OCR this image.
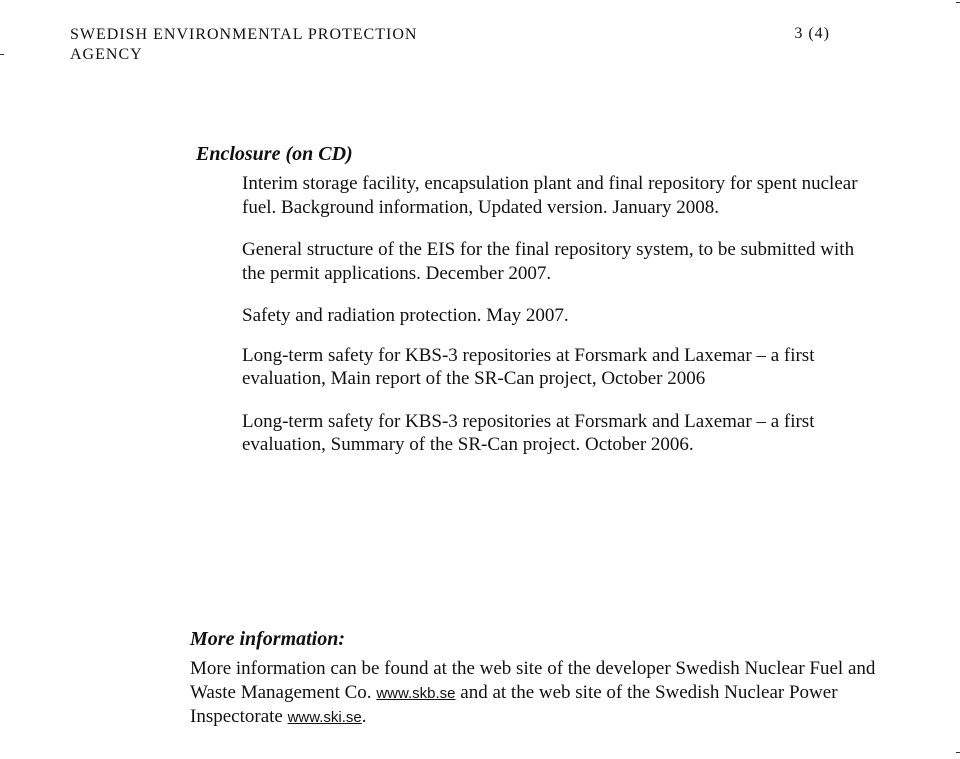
SWEDISH ENVIRONMENTAL PROTECTION
AGENCY
3 (4)
Enclosure (on CD)
Interim storage facility, encapsulation plant and final repository for spent nuclear fuel. Background information, Updated version. January 2008.
General structure of the EIS for the final repository system, to be submitted with the permit applications. December 2007.
Safety and radiation protection. May 2007.
Long-term safety for KBS-3 repositories at Forsmark and Laxemar – a first evaluation, Main report of the SR-Can project, October 2006
Long-term safety for KBS-3 repositories at Forsmark and Laxemar – a first evaluation, Summary of the SR-Can project. October 2006.
More information:
More information can be found at the web site of the developer Swedish Nuclear Fuel and Waste Management Co. www.skb.se and at the web site of the Swedish Nuclear Power Inspectorate www.ski.se.
